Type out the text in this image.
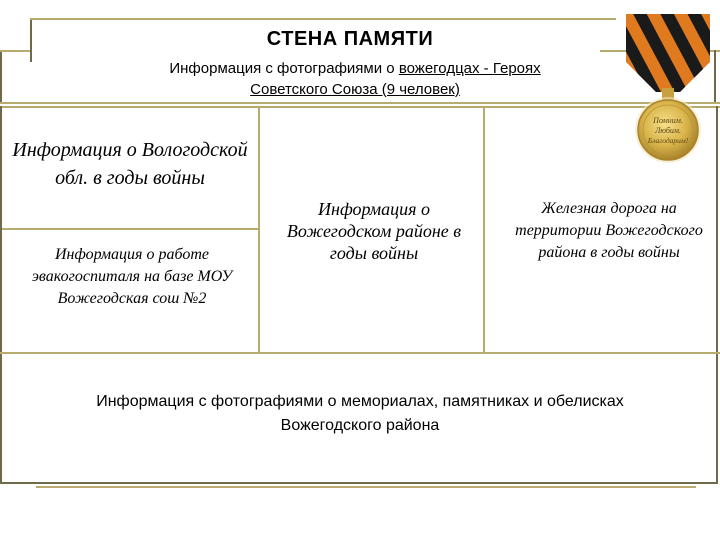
СТЕНА ПАМЯТИ
Информация с фотографиями о вожегодцах - Героях
Советского Союза (9 человек)
Информация о Вологодской обл. в годы войны
Информация о работе эвакогоспиталя на базе МОУ Вожегодская сош №2
Информация о Вожегодском районе в годы войны
Железная дорога на территории Вожегодского района в годы войны
Информация с фотографиями о мемориалах, памятниках и обелисках
Вожегодского района
Помним.
Любим.
Благодарим!
